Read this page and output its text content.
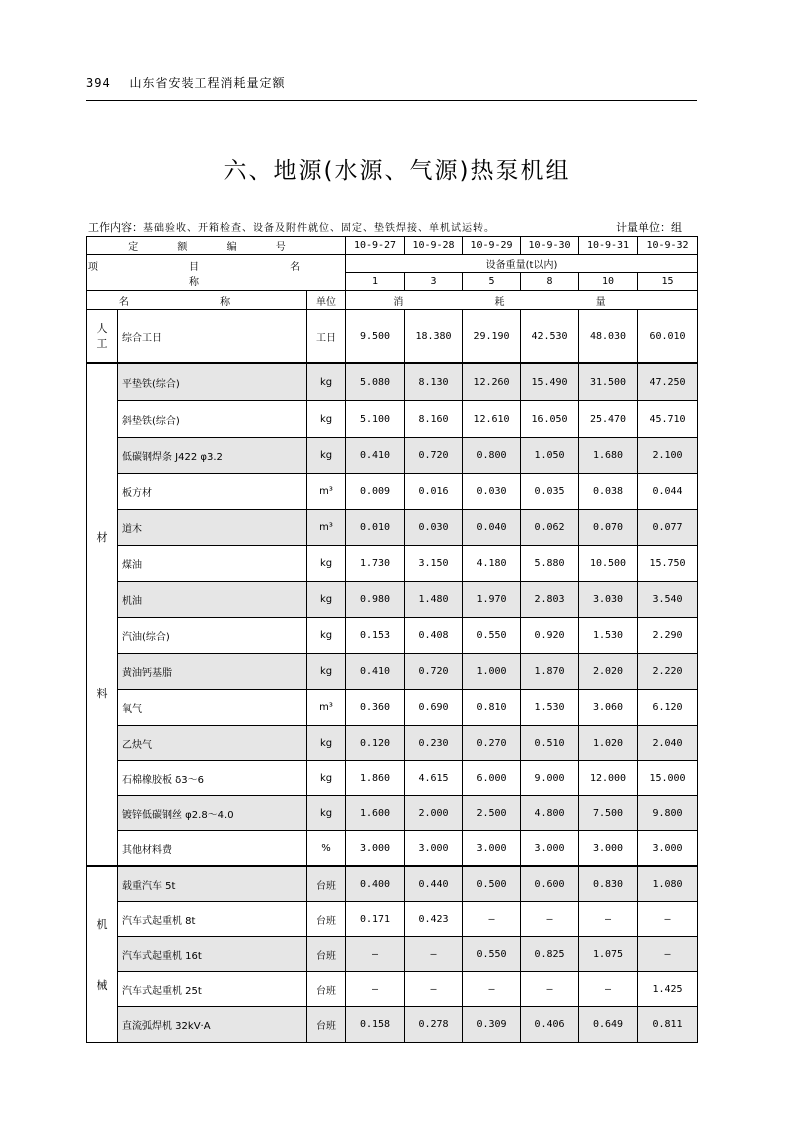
394 山东省安装工程消耗量定额
六、地源(水源、气源)热泵机组
工作内容：基础验收、开箱检查、设备及附件就位、固定、垫铁焊接、单机试运转。	计量单位：组
定 额 编 号			10-9-27	10-9-28	10-9-29	10-9-30	10-9-31	10-9-32
项 目 名 称			设备重量(t以内)					
			1	3	5	8	10	15
名 称		单位	消 耗 量					

人
工	综合工日	工日	9.500	18.380	29.190	42.530	48.030	60.010

材
料	平垫铁(综合)	kg	5.080	8.130	12.260	15.490	31.500	47.250
	斜垫铁(综合)	kg	5.100	8.160	12.610	16.050	25.470	45.710
	低碳钢焊条 J422 φ3.2	kg	0.410	0.720	0.800	1.050	1.680	2.100
	板方材	m³	0.009	0.016	0.030	0.035	0.038	0.044
	道木	m³	0.010	0.030	0.040	0.062	0.070	0.077
	煤油	kg	1.730	3.150	4.180	5.880	10.500	15.750
	机油	kg	0.980	1.480	1.970	2.803	3.030	3.540
	汽油(综合)	kg	0.153	0.408	0.550	0.920	1.530	2.290
	黄油钙基脂	kg	0.410	0.720	1.000	1.870	2.020	2.220
	氧气	m³	0.360	0.690	0.810	1.530	3.060	6.120
	乙炔气	kg	0.120	0.230	0.270	0.510	1.020	2.040
	石棉橡胶板 δ3～6	kg	1.860	4.615	6.000	9.000	12.000	15.000
	镀锌低碳钢丝 φ2.8～4.0	kg	1.600	2.000	2.500	4.800	7.500	9.800
	其他材料费	%	3.000	3.000	3.000	3.000	3.000	3.000

机
械	载重汽车 5t	台班	0.400	0.440	0.500	0.600	0.830	1.080
	汽车式起重机 8t	台班	0.171	0.423	—	—	—	—
	汽车式起重机 16t	台班	—	—	0.550	0.825	1.075	—
	汽车式起重机 25t	台班	—	—	—	—	—	1.425
	直流弧焊机 32kV·A	台班	0.158	0.278	0.309	0.406	0.649	0.811
